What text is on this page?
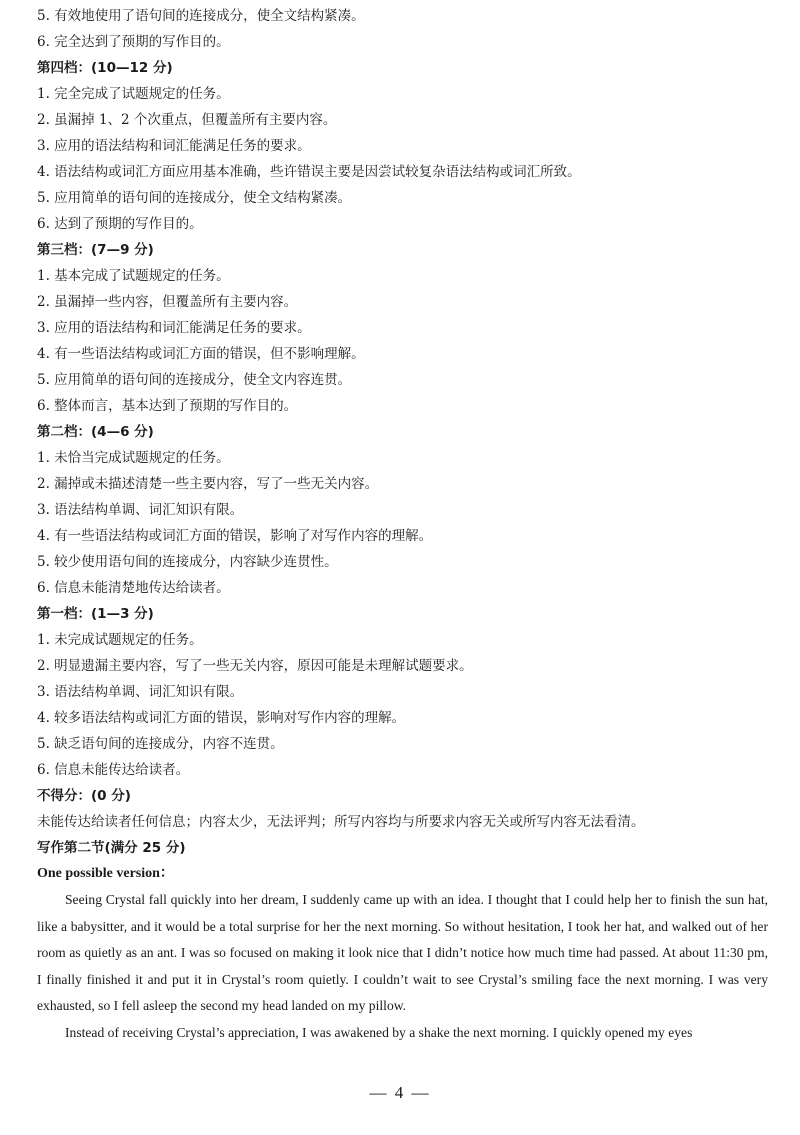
5. 有效地使用了语句间的连接成分，使全文结构紧凑。
6. 完全达到了预期的写作目的。
第四档：(10—12 分)
1. 完全完成了试题规定的任务。
2. 虽漏掉 1、2 个次重点，但覆盖所有主要内容。
3. 应用的语法结构和词汇能满足任务的要求。
4. 语法结构或词汇方面应用基本准确，些许错误主要是因尝试较复杂语法结构或词汇所致。
5. 应用简单的语句间的连接成分，使全文结构紧凑。
6. 达到了预期的写作目的。
第三档：(7—9 分)
1. 基本完成了试题规定的任务。
2. 虽漏掉一些内容，但覆盖所有主要内容。
3. 应用的语法结构和词汇能满足任务的要求。
4. 有一些语法结构或词汇方面的错误，但不影响理解。
5. 应用简单的语句间的连接成分，使全文内容连贯。
6. 整体而言，基本达到了预期的写作目的。
第二档：(4—6 分)
1. 未恰当完成试题规定的任务。
2. 漏掉或未描述清楚一些主要内容，写了一些无关内容。
3. 语法结构单调、词汇知识有限。
4. 有一些语法结构或词汇方面的错误，影响了对写作内容的理解。
5. 较少使用语句间的连接成分，内容缺少连贯性。
6. 信息未能清楚地传达给读者。
第一档：(1—3 分)
1. 未完成试题规定的任务。
2. 明显遗漏主要内容，写了一些无关内容，原因可能是未理解试题要求。
3. 语法结构单调、词汇知识有限。
4. 较多语法结构或词汇方面的错误，影响对写作内容的理解。
5. 缺乏语句间的连接成分，内容不连贯。
6. 信息未能传达给读者。
不得分：(0 分)
未能传达给读者任何信息；内容太少，无法评判；所写内容均与所要求内容无关或所写内容无法看清。
写作第二节(满分 25 分)
One possible version：

Seeing Crystal fall quickly into her dream, I suddenly came up with an idea. I thought that I could help her to finish the sun hat, like a babysitter, and it would be a total surprise for her the next morning. So without hesitation, I took her hat, and walked out of her room as quietly as an ant. I was so focused on making it look nice that I didn’t notice how much time had passed. At about 11:30 pm, I finally finished it and put it in Crystal’s room quietly. I couldn’t wait to see Crystal’s smiling face the next morning. I was very exhausted, so I fell asleep the second my head landed on my pillow.

Instead of receiving Crystal’s appreciation, I was awakened by a shake the next morning. I quickly opened my eyes

— 4 —
